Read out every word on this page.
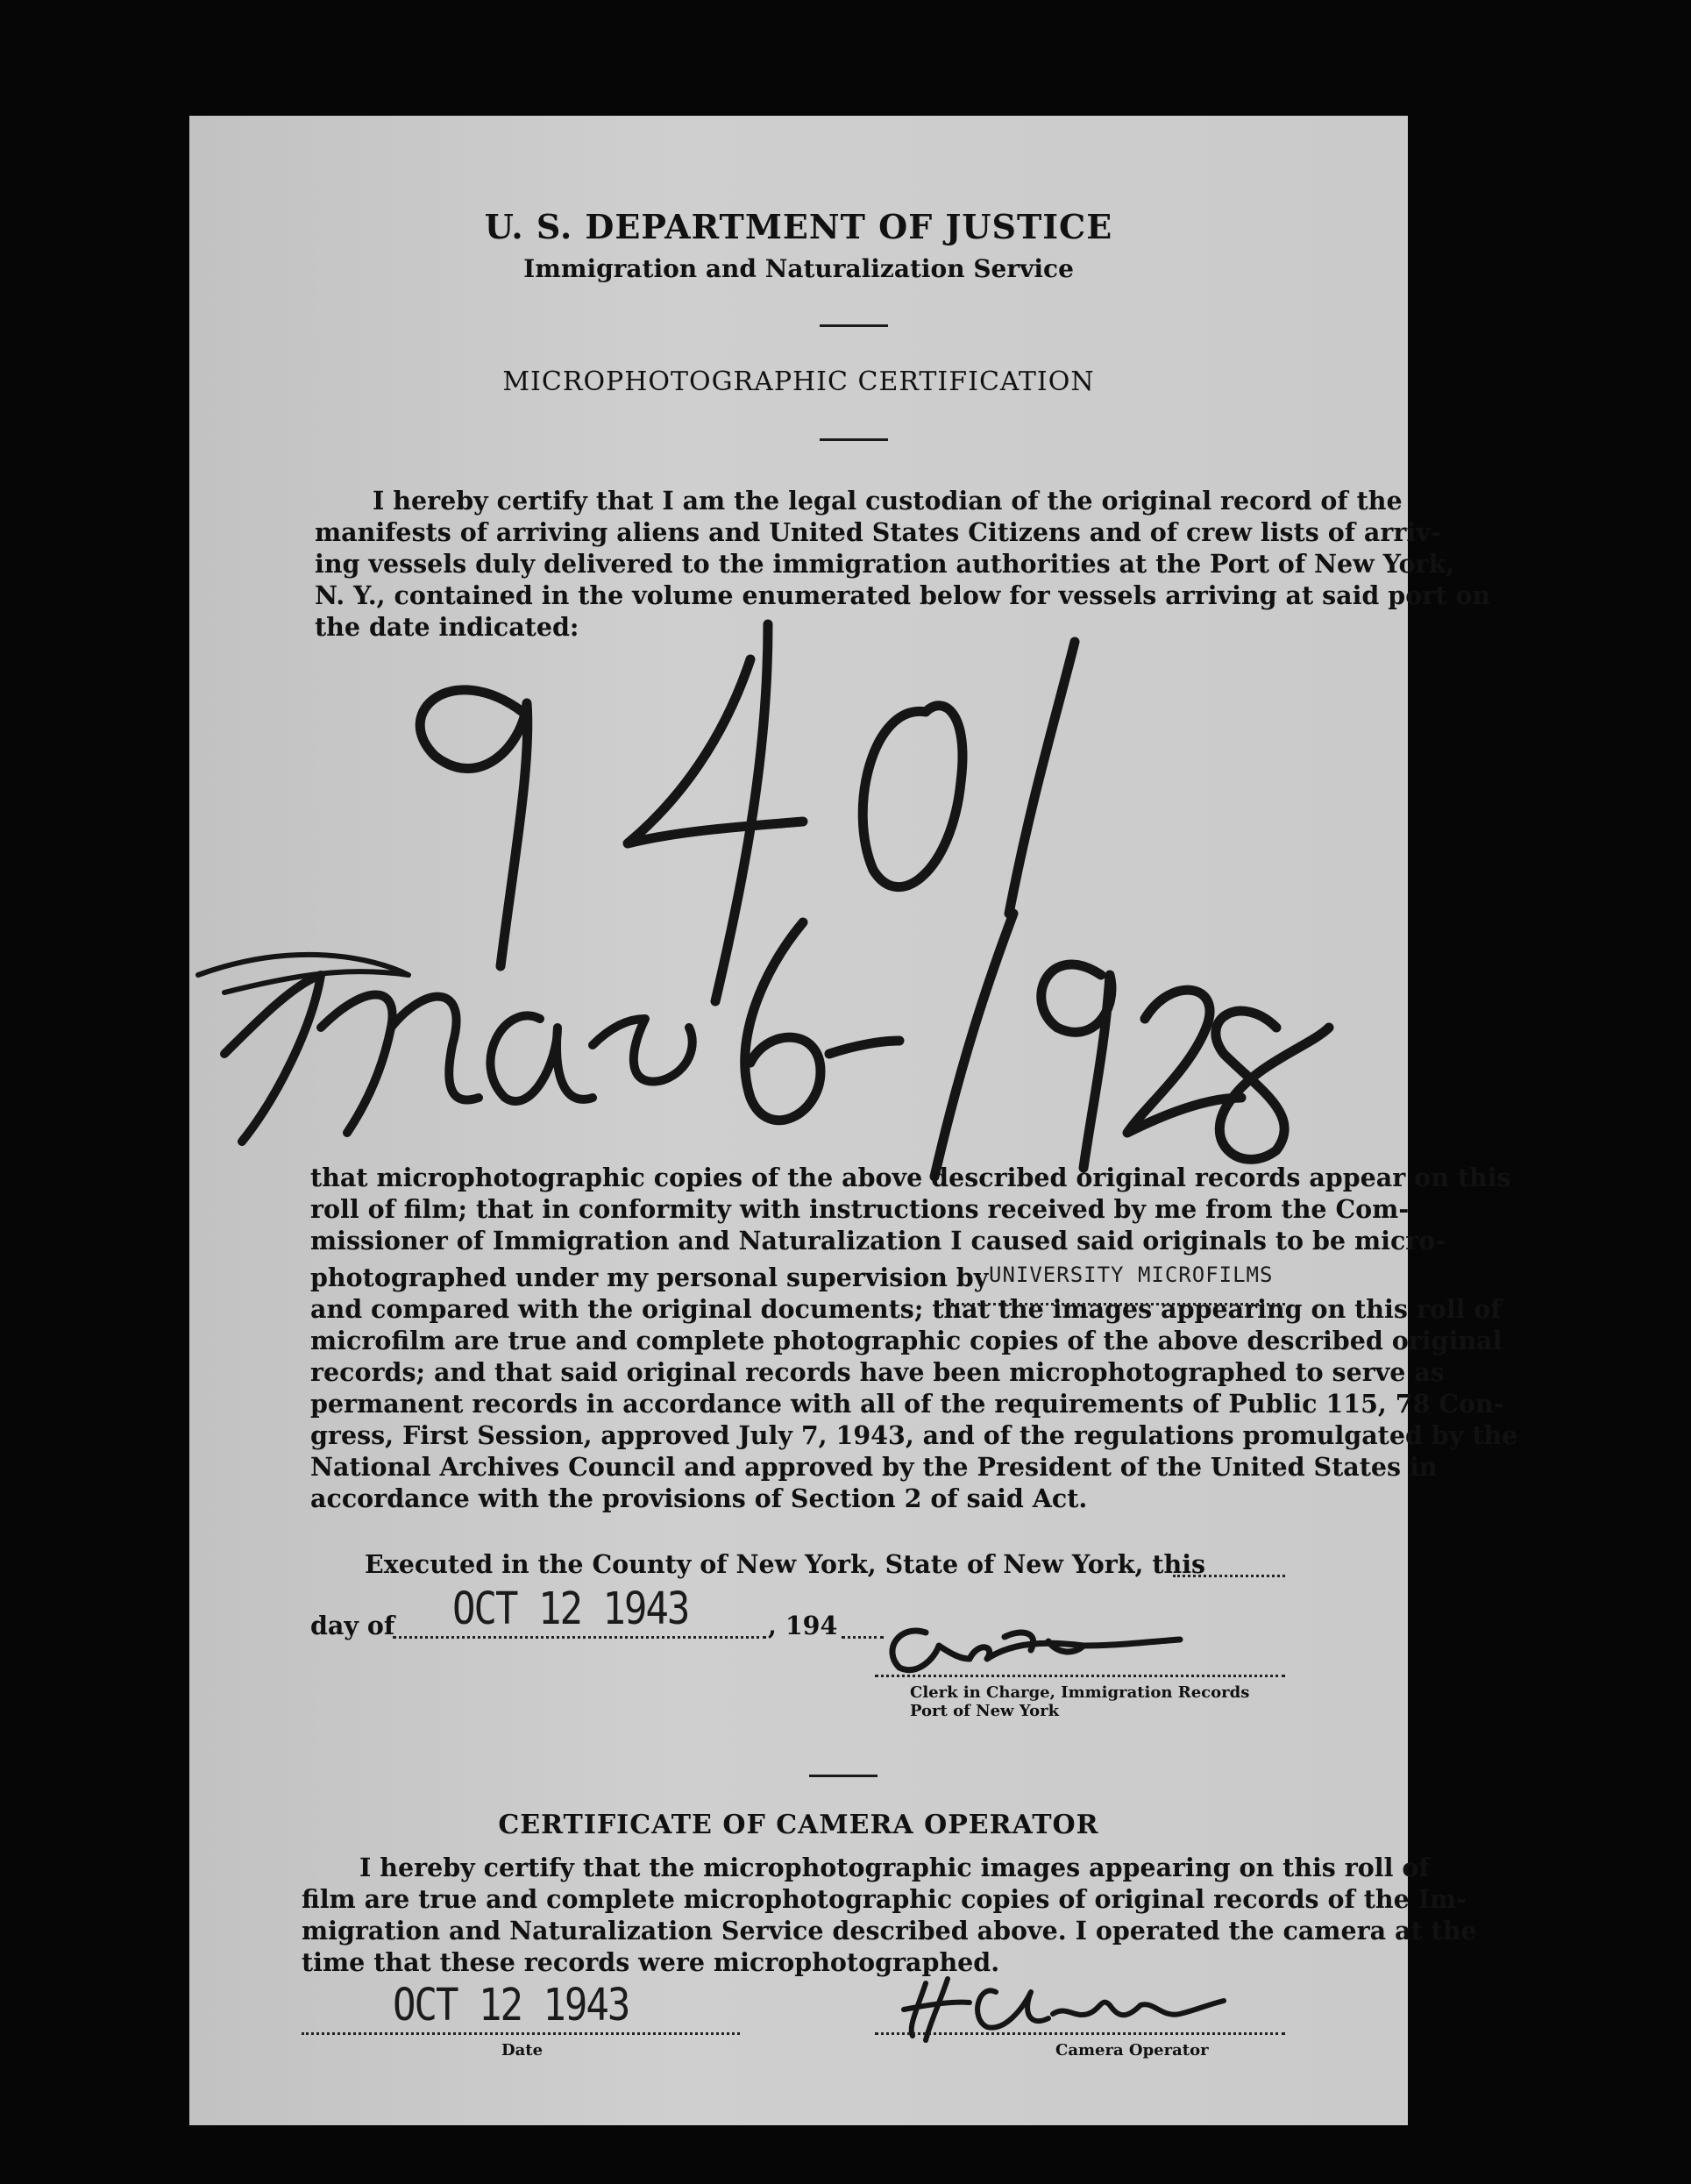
U. S. DEPARTMENT OF JUSTICE
Immigration and Naturalization Service
MICROPHOTOGRAPHIC CERTIFICATION
I hereby certify that I am the legal custodian of the original record of the
manifests of arriving aliens and United States Citizens and of crew lists of arriv-
ing vessels duly delivered to the immigration authorities at the Port of New York,
N. Y., contained in the volume enumerated below for vessels arriving at said port on
the date indicated:
that microphotographic copies of the above described original records appear on this
roll of film; that in conformity with instructions received by me from the Com-
missioner of Immigration and Naturalization I caused said originals to be micro-
photographed under my personal supervision by
and compared with the original documents; that the images appearing on this roll of
microfilm are true and complete photographic copies of the above described original
records; and that said original records have been microphotographed to serve as
permanent records in accordance with all of the requirements of Public 115, 78 Con-
gress, First Session, approved July 7, 1943, and of the regulations promulgated by the
National Archives Council and approved by the President of the United States in
accordance with the provisions of Section 2 of said Act.
UNIVERSITY MICROFILMS
Executed in the County of New York, State of New York, this
day of OCT 12 1943	, 194
Clerk in Charge, Immigration Records
Port of New York
CERTIFICATE OF CAMERA OPERATOR
I hereby certify that the microphotographic images appearing on this roll of
film are true and complete microphotographic copies of original records of the Im-
migration and Naturalization Service described above. I operated the camera at the
time that these records were microphotographed.
OCT 12 1943
Date	Camera Operator
